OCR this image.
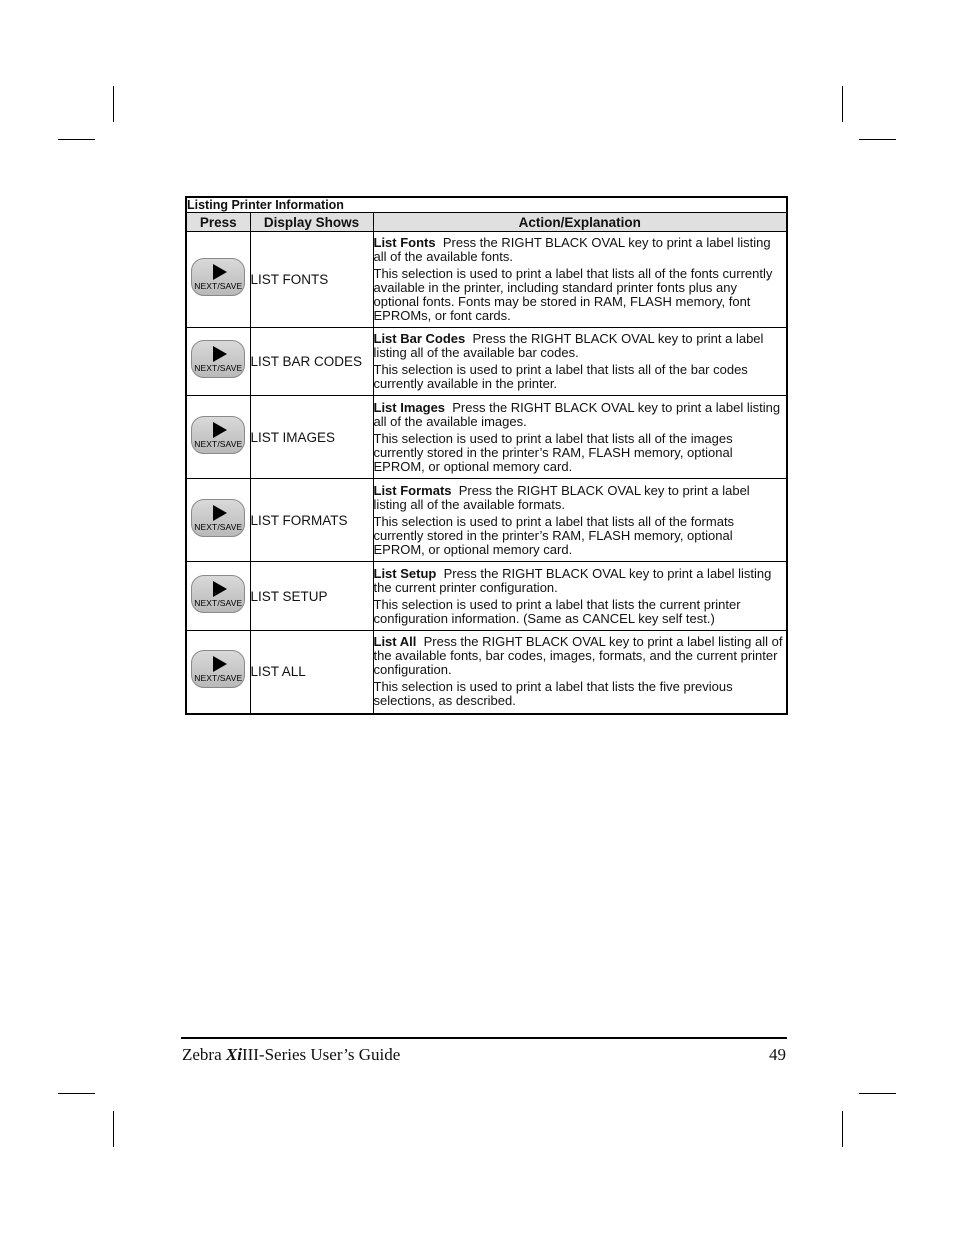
Listing Printer Information		
Press	Display Shows	Action/Explanation

NEXT/SAVE	LIST FONTS	List Fonts Press the RIGHT BLACK OVAL key to print a label listing all of the available fonts.

This selection is used to print a label that lists all of the fonts currently available in the printer, including standard printer fonts plus any optional fonts. Fonts may be stored in RAM, FLASH memory, font EPROMs, or font cards.

NEXT/SAVE	LIST BAR CODES	List Bar Codes Press the RIGHT BLACK OVAL key to print a label listing all of the available bar codes.

This selection is used to print a label that lists all of the bar codes currently available in the printer.

NEXT/SAVE	LIST IMAGES	List Images Press the RIGHT BLACK OVAL key to print a label listing all of the available images.

This selection is used to print a label that lists all of the images currently stored in the printer’s RAM, FLASH memory, optional EPROM, or optional memory card.

NEXT/SAVE	LIST FORMATS	List Formats Press the RIGHT BLACK OVAL key to print a label listing all of the available formats.

This selection is used to print a label that lists all of the formats currently stored in the printer’s RAM, FLASH memory, optional EPROM, or optional memory card.

NEXT/SAVE	LIST SETUP	List Setup Press the RIGHT BLACK OVAL key to print a label listing the current printer configuration.

This selection is used to print a label that lists the current printer configuration information. (Same as CANCEL key self test.)

NEXT/SAVE	LIST ALL	List All Press the RIGHT BLACK OVAL key to print a label listing all of the available fonts, bar codes, images, formats, and the current printer configuration.

This selection is used to print a label that lists the five previous selections, as described.

Zebra XiIII-Series User’s Guide	49
